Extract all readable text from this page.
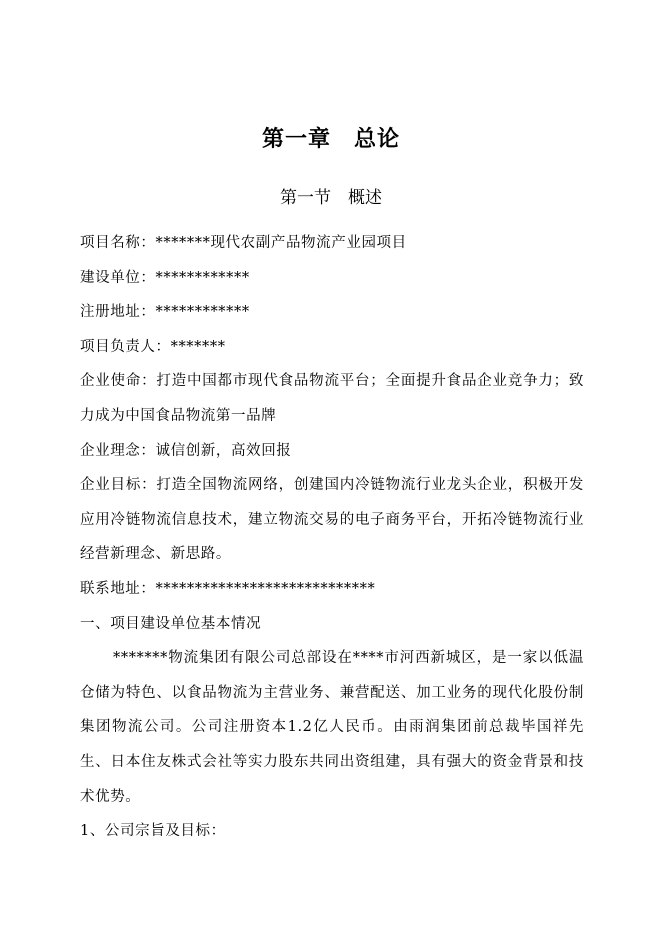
第一章　总论
第一节　概述
项目名称：*******现代农副产品物流产业园项目
建设单位：************
注册地址：************
项目负责人：*******
企业使命：打造中国都市现代食品物流平台；全面提升食品企业竞争力；致力成为中国食品物流第一品牌
企业理念：诚信创新，高效回报
企业目标：打造全国物流网络，创建国内冷链物流行业龙头企业，积极开发应用冷链物流信息技术，建立物流交易的电子商务平台，开拓冷链物流行业经营新理念、新思路。
联系地址：****************************
一、项目建设单位基本情况
*******物流集团有限公司总部设在****市河西新城区，是一家以低温仓储为特色、以食品物流为主营业务、兼营配送、加工业务的现代化股份制集团物流公司。公司注册资本1.2亿人民币。由雨润集团前总裁毕国祥先生、日本住友株式会社等实力股东共同出资组建，具有强大的资金背景和技术优势。
1、公司宗旨及目标：
